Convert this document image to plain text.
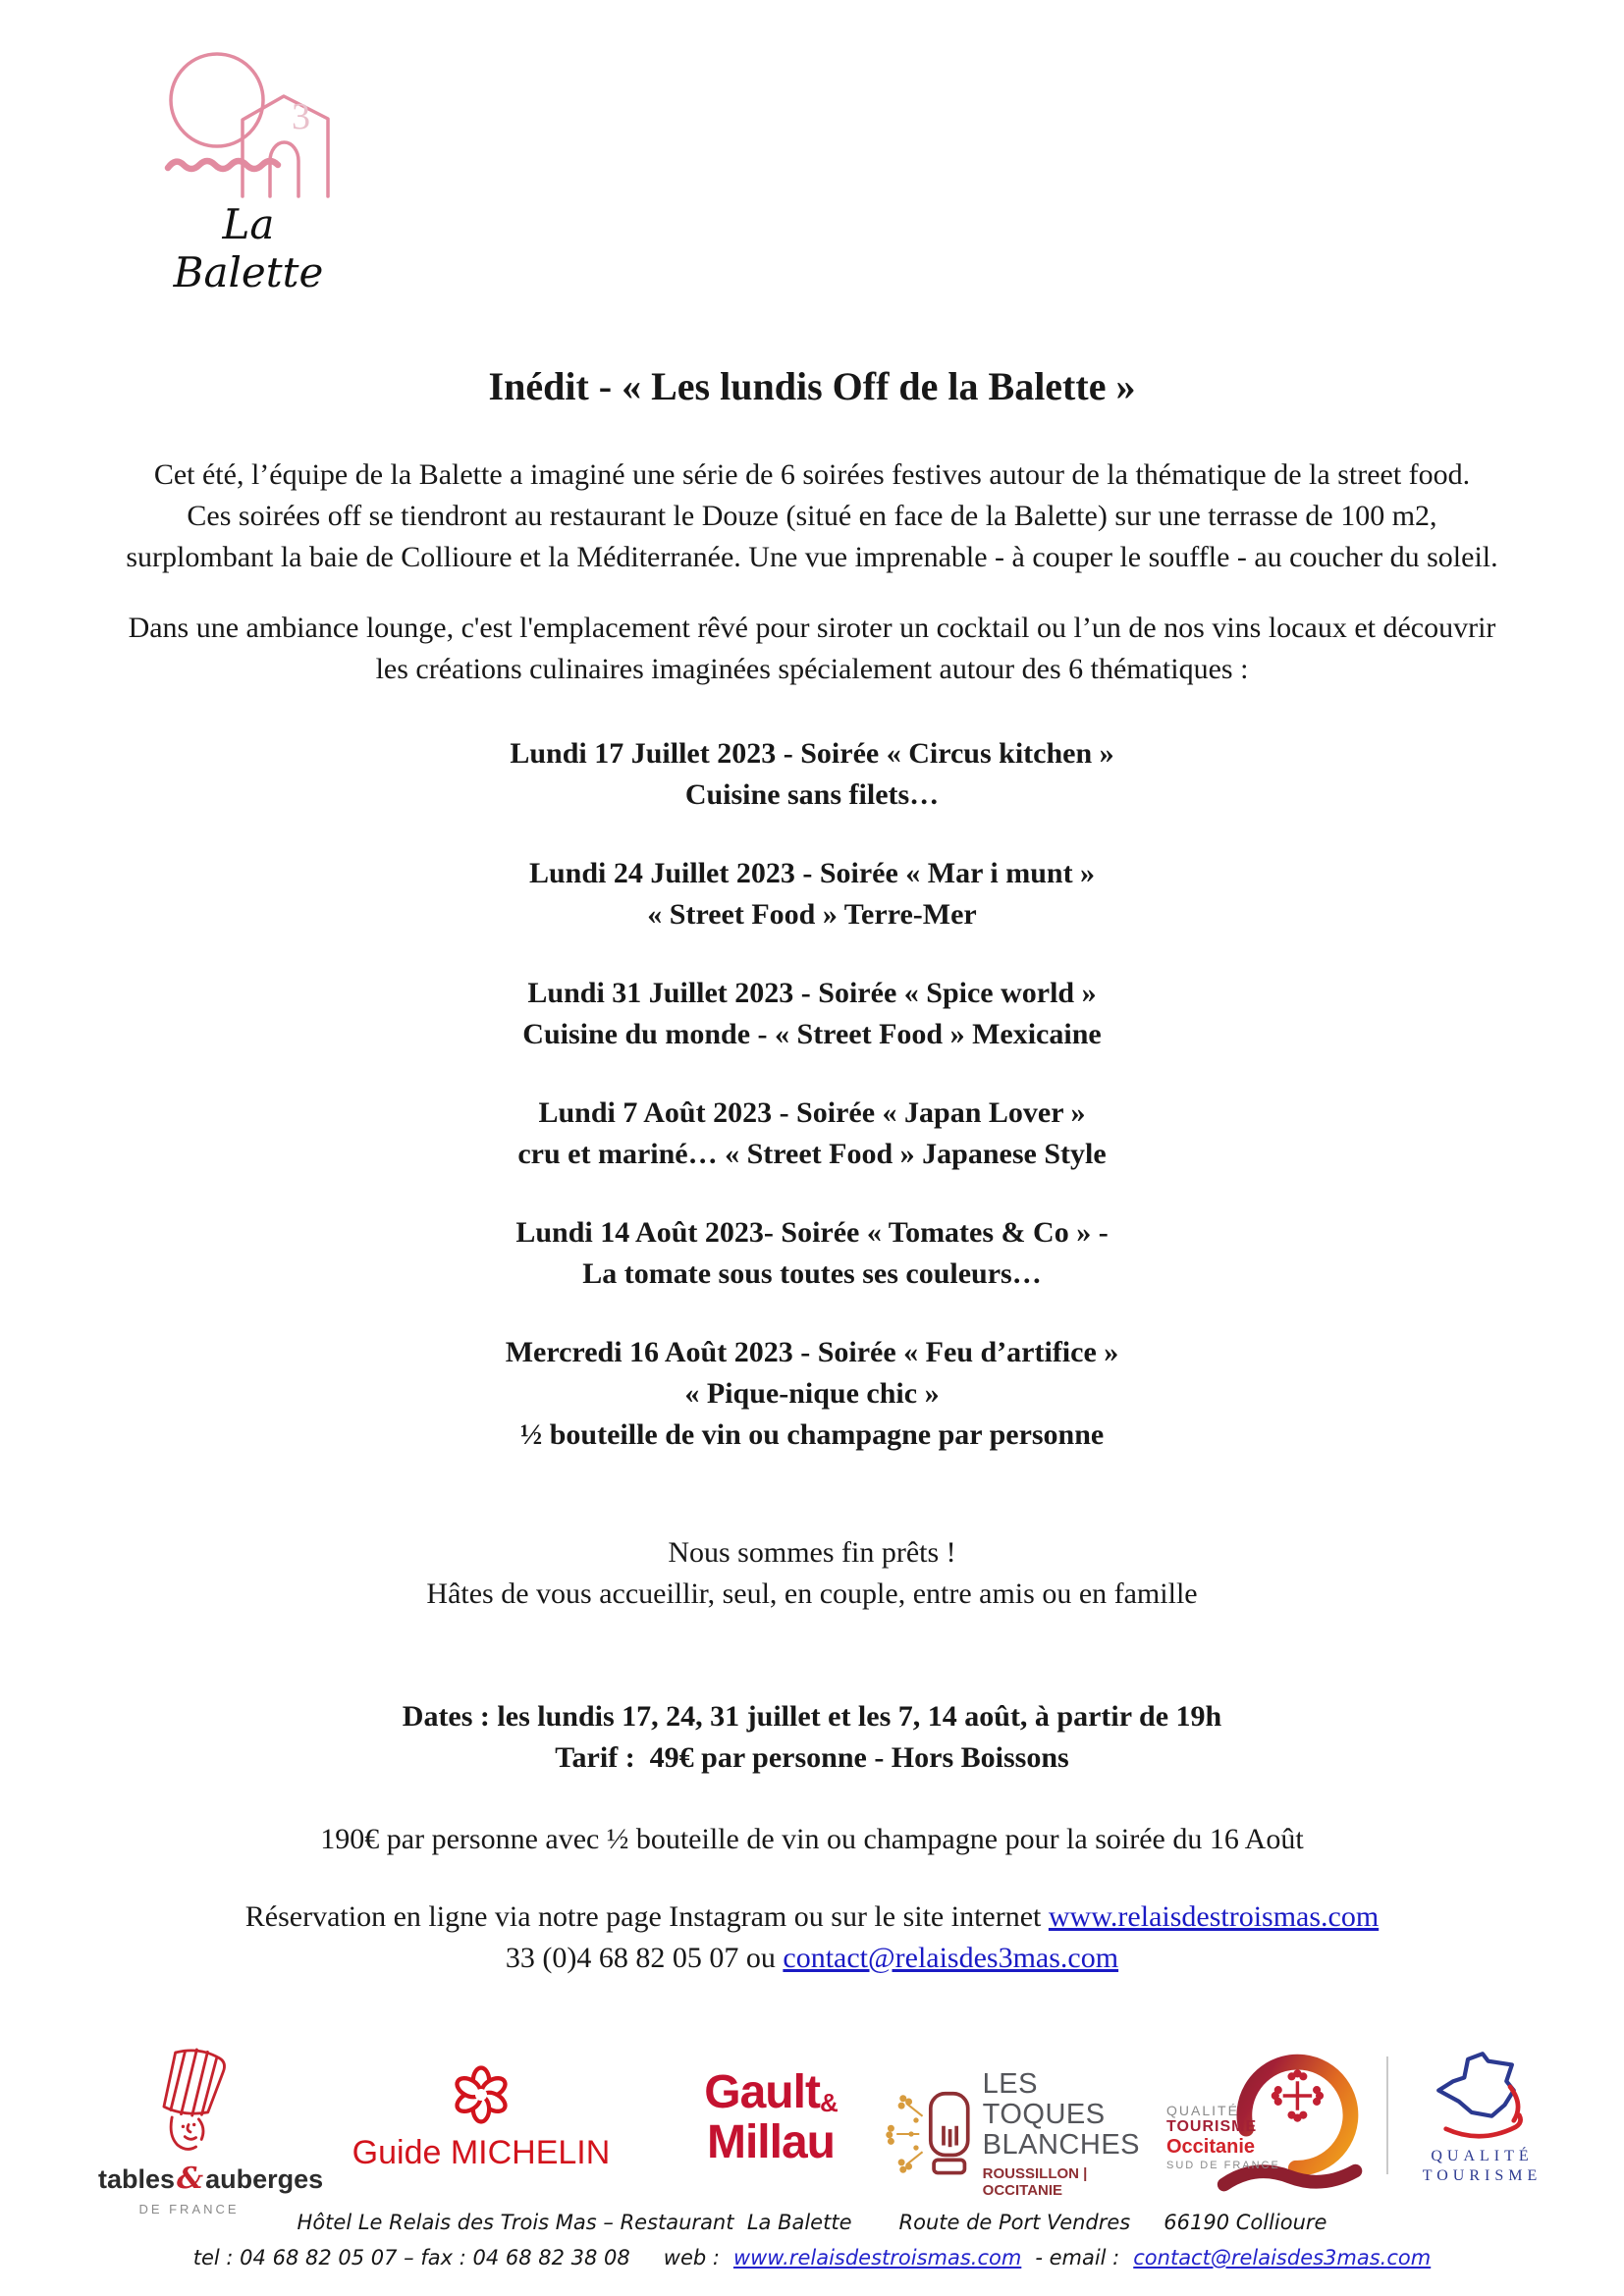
3
La Balette
Inédit - « Les lundis Off de la Balette »
Cet été, l’équipe de la Balette a imaginé une série de 6 soirées festives autour de la thématique de la street food.
Ces soirées off se tiendront au restaurant le Douze (situé en face de la Balette) sur une terrasse de 100 m2,
surplombant la baie de Collioure et la Méditerranée. Une vue imprenable - à couper le souffle - au coucher du soleil.
Dans une ambiance lounge, c'est l'emplacement rêvé pour siroter un cocktail ou l’un de nos vins locaux et découvrir
les créations culinaires imaginées spécialement autour des 6 thématiques :
Lundi 17 Juillet 2023 - Soirée « Circus kitchen »
Cuisine sans filets…
Lundi 24 Juillet 2023 - Soirée « Mar i munt »
« Street Food » Terre-Mer
Lundi 31 Juillet 2023 - Soirée « Spice world »
Cuisine du monde - « Street Food » Mexicaine
Lundi 7 Août 2023 - Soirée « Japan Lover »
cru et mariné… « Street Food » Japanese Style
Lundi 14 Août 2023- Soirée « Tomates & Co » -
La tomate sous toutes ses couleurs…
Mercredi 16 Août 2023 - Soirée « Feu d’artifice »
« Pique-nique chic »
½ bouteille de vin ou champagne par personne
Nous sommes fin prêts !
Hâtes de vous accueillir, seul, en couple, entre amis ou en famille
Dates : les lundis 17, 24, 31 juillet et les 7, 14 août, à partir de 19h
Tarif :  49€ par personne - Hors Boissons
190€ par personne avec ½ bouteille de vin ou champagne pour la soirée du 16 Août
Réservation en ligne via notre page Instagram ou sur le site internet www.relaisdestroismas.com
33 (0)4 68 82 05 07 ou contact@relaisdes3mas.com
tables&auberges
DE FRANCE
Guide MICHELIN
Gault&
Millau
LES TOQUES
BLANCHES
ROUSSILLON | OCCITANIE
QUALITÉ
TOURISME
Occitanie
SUD DE FRANCE
QUALITÉ
TOURISME
Hôtel Le Relais des Trois Mas – Restaurant  La Balette Route de Port Vendres 66190 Collioure
tel : 04 68 82 05 07 – fax : 04 68 82 38 08 web : www.relaisdestroismas.com - email : contact@relaisdes3mas.com
